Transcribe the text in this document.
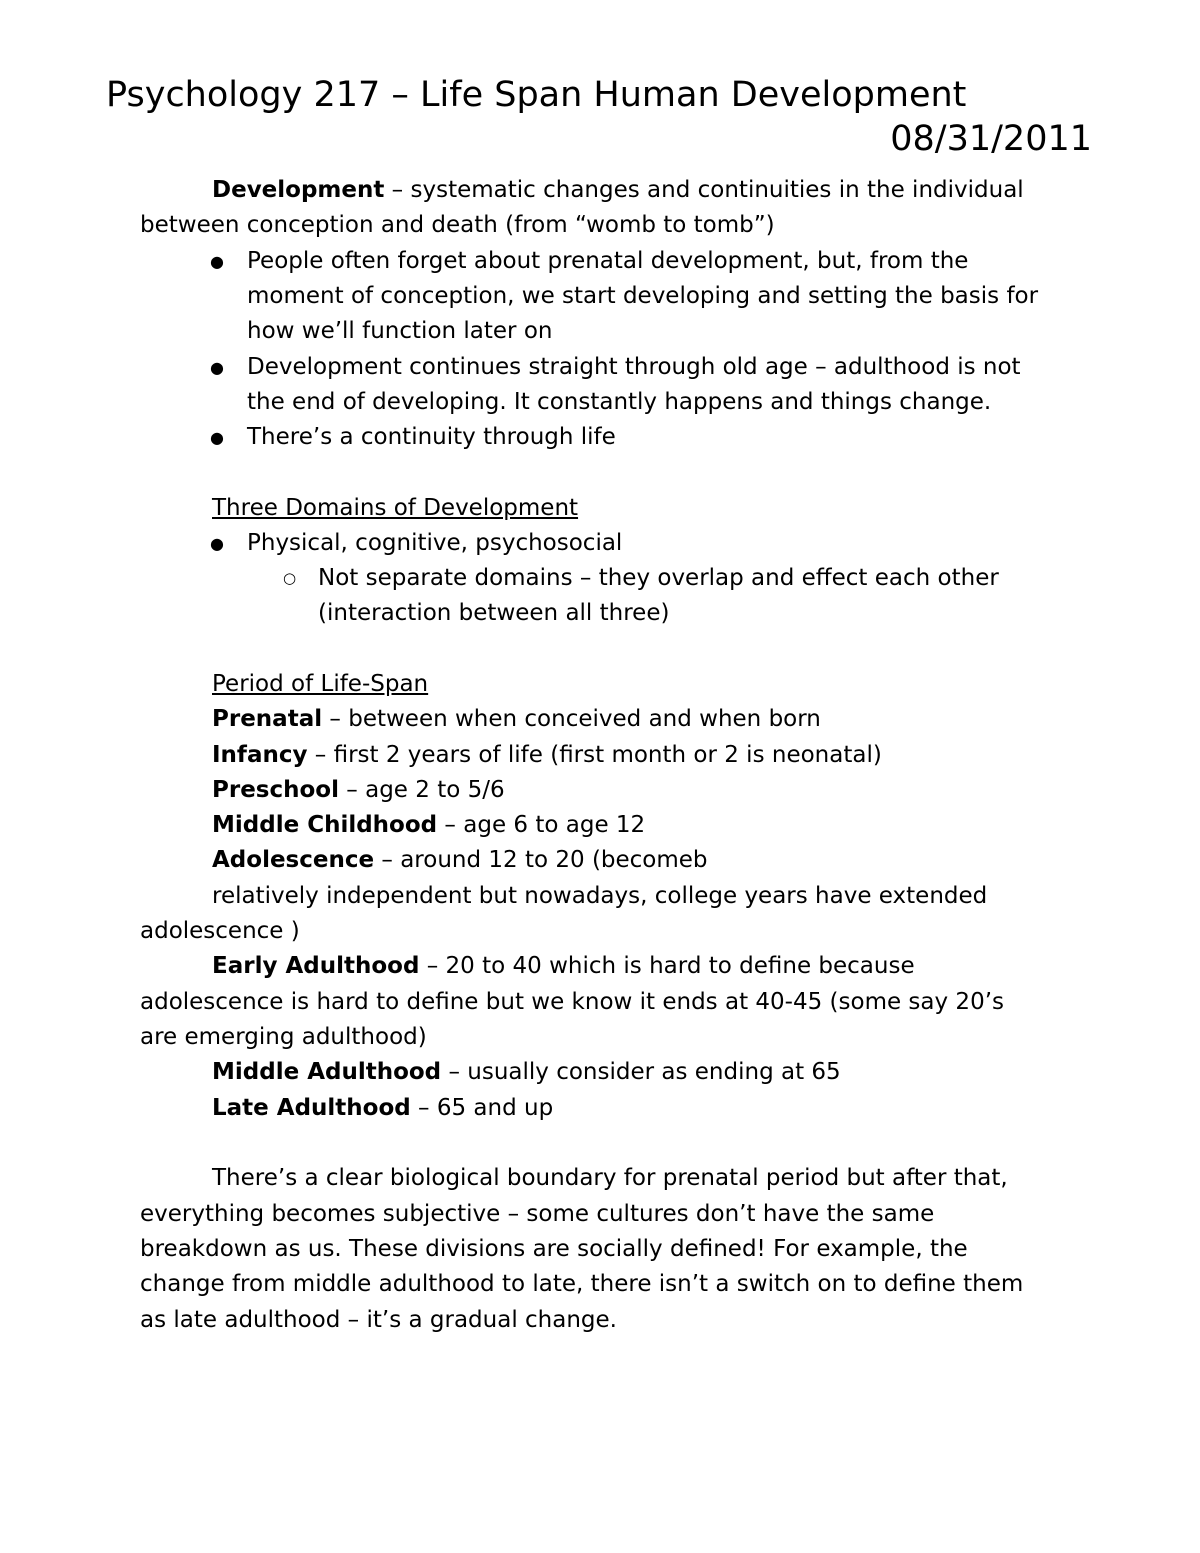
Psychology 217 – Life Span Human Development
08/31/2011
Development – systematic changes and continuities in the individual
between conception and death (from “womb to tomb”)
● People often forget about prenatal development, but, from the
moment of conception, we start developing and setting the basis for
how we’ll function later on
● Development continues straight through old age – adulthood is not
the end of developing. It constantly happens and things change.
● There’s a continuity through life
Three Domains of Development
● Physical, cognitive, psychosocial
○ Not separate domains – they overlap and effect each other
(interaction between all three)
Period of Life-Span
Prenatal – between when conceived and when born
Infancy – first 2 years of life (first month or 2 is neonatal)
Preschool – age 2 to 5/6
Middle Childhood – age 6 to age 12
Adolescence – around 12 to 20 (becomeb
relatively independent but nowadays, college years have extended
adolescence )
Early Adulthood – 20 to 40 which is hard to define because
adolescence is hard to define but we know it ends at 40-45 (some say 20’s
are emerging adulthood)
Middle Adulthood – usually consider as ending at 65
Late Adulthood – 65 and up
There’s a clear biological boundary for prenatal period but after that,
everything becomes subjective – some cultures don’t have the same
breakdown as us. These divisions are socially defined! For example, the
change from middle adulthood to late, there isn’t a switch on to define them
as late adulthood – it’s a gradual change.
